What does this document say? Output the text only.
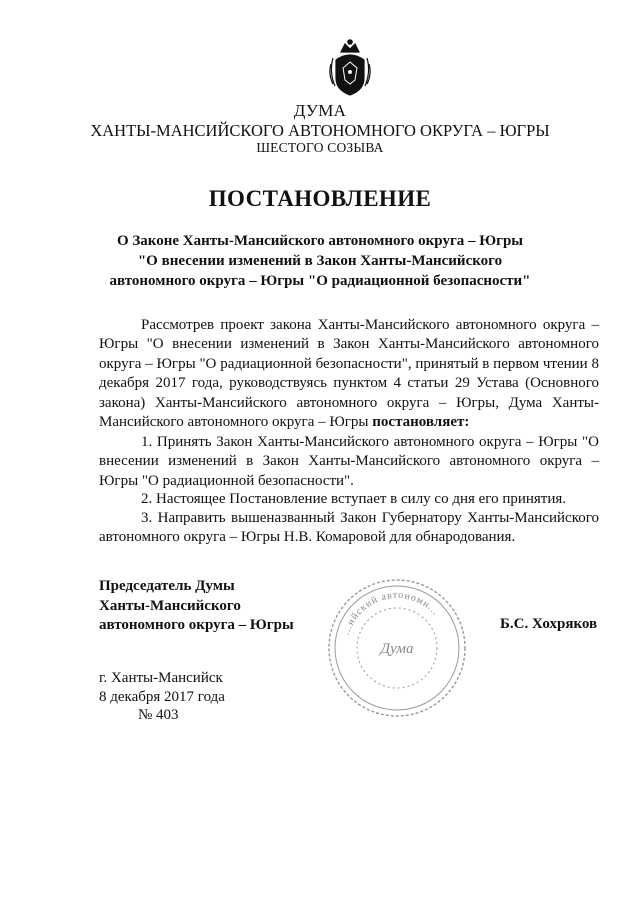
ДУМА
ХАНТЫ-МАНСИЙСКОГО АВТОНОМНОГО ОКРУГА – ЮГРЫ
ШЕСТОГО СОЗЫВА
ПОСТАНОВЛЕНИЕ
О Законе Ханты-Мансийского автономного округа – Югры
"О внесении изменений в Закон Ханты-Мансийского
автономного округа – Югры "О радиационной безопасности"
Рассмотрев проект закона Ханты-Мансийского автономного округа – Югры "О внесении изменений в Закон Ханты-Мансийского автономного округа – Югры "О радиационной безопасности", принятый в первом чтении 8 декабря 2017 года, руководствуясь пунктом 4 статьи 29 Устава (Основного закона) Ханты-Мансийского автономного округа – Югры, Дума Ханты-Мансийского автономного округа – Югры постановляет:
1. Принять Закон Ханты-Мансийского автономного округа – Югры "О внесении изменений в Закон Ханты-Мансийского автономного округа – Югры "О радиационной безопасности".
2. Настоящее Постановление вступает в силу со дня его принятия.
3. Направить вышеназванный Закон Губернатору Ханты-Мансийского автономного округа – Югры Н.В. Комаровой для обнародования.
Председатель Думы
Ханты-Мансийского
автономного округа – Югры
...ийский автономн...
Дума
Б.С. Хохряков
г. Ханты-Мансийск
8 декабря 2017 года
№ 403
